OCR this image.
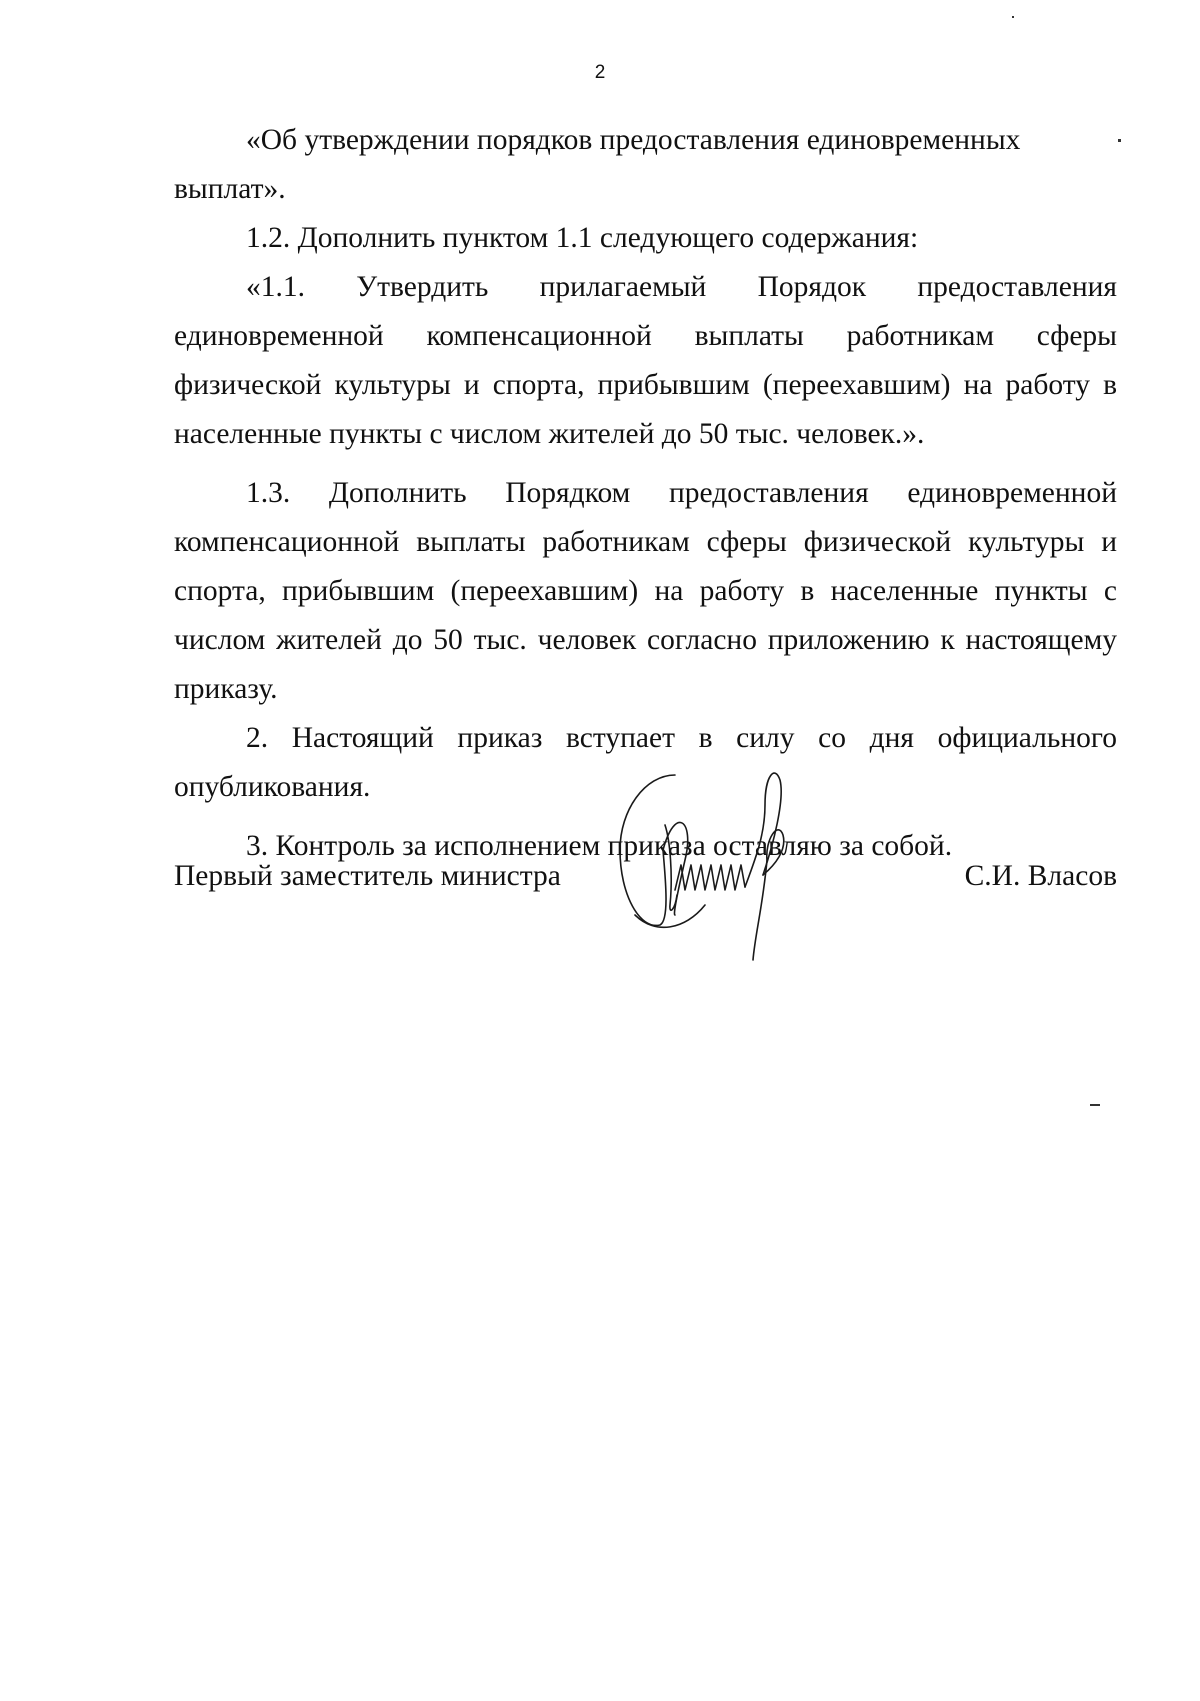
2

«Об утверждении порядков предоставления единовременных выплат».

1.2. Дополнить пунктом 1.1 следующего содержания:

«1.1. Утвердить прилагаемый Порядок предоставления единовременной компенсационной выплаты работникам сферы физической культуры и спорта, прибывшим (переехавшим) на работу в населенные пункты с числом жителей до 50 тыс. человек.».

1.3. Дополнить Порядком предоставления единовременной компенсационной выплаты работникам сферы физической культуры и спорта, прибывшим (переехавшим) на работу в населенные пункты с числом жителей до 50 тыс. человек согласно приложению к настоящему приказу.

2. Настоящий приказ вступает в силу со дня официального опубликования.

3. Контроль за исполнением приказа оставляю за собой.

Первый заместитель министра	С.И. Власов
